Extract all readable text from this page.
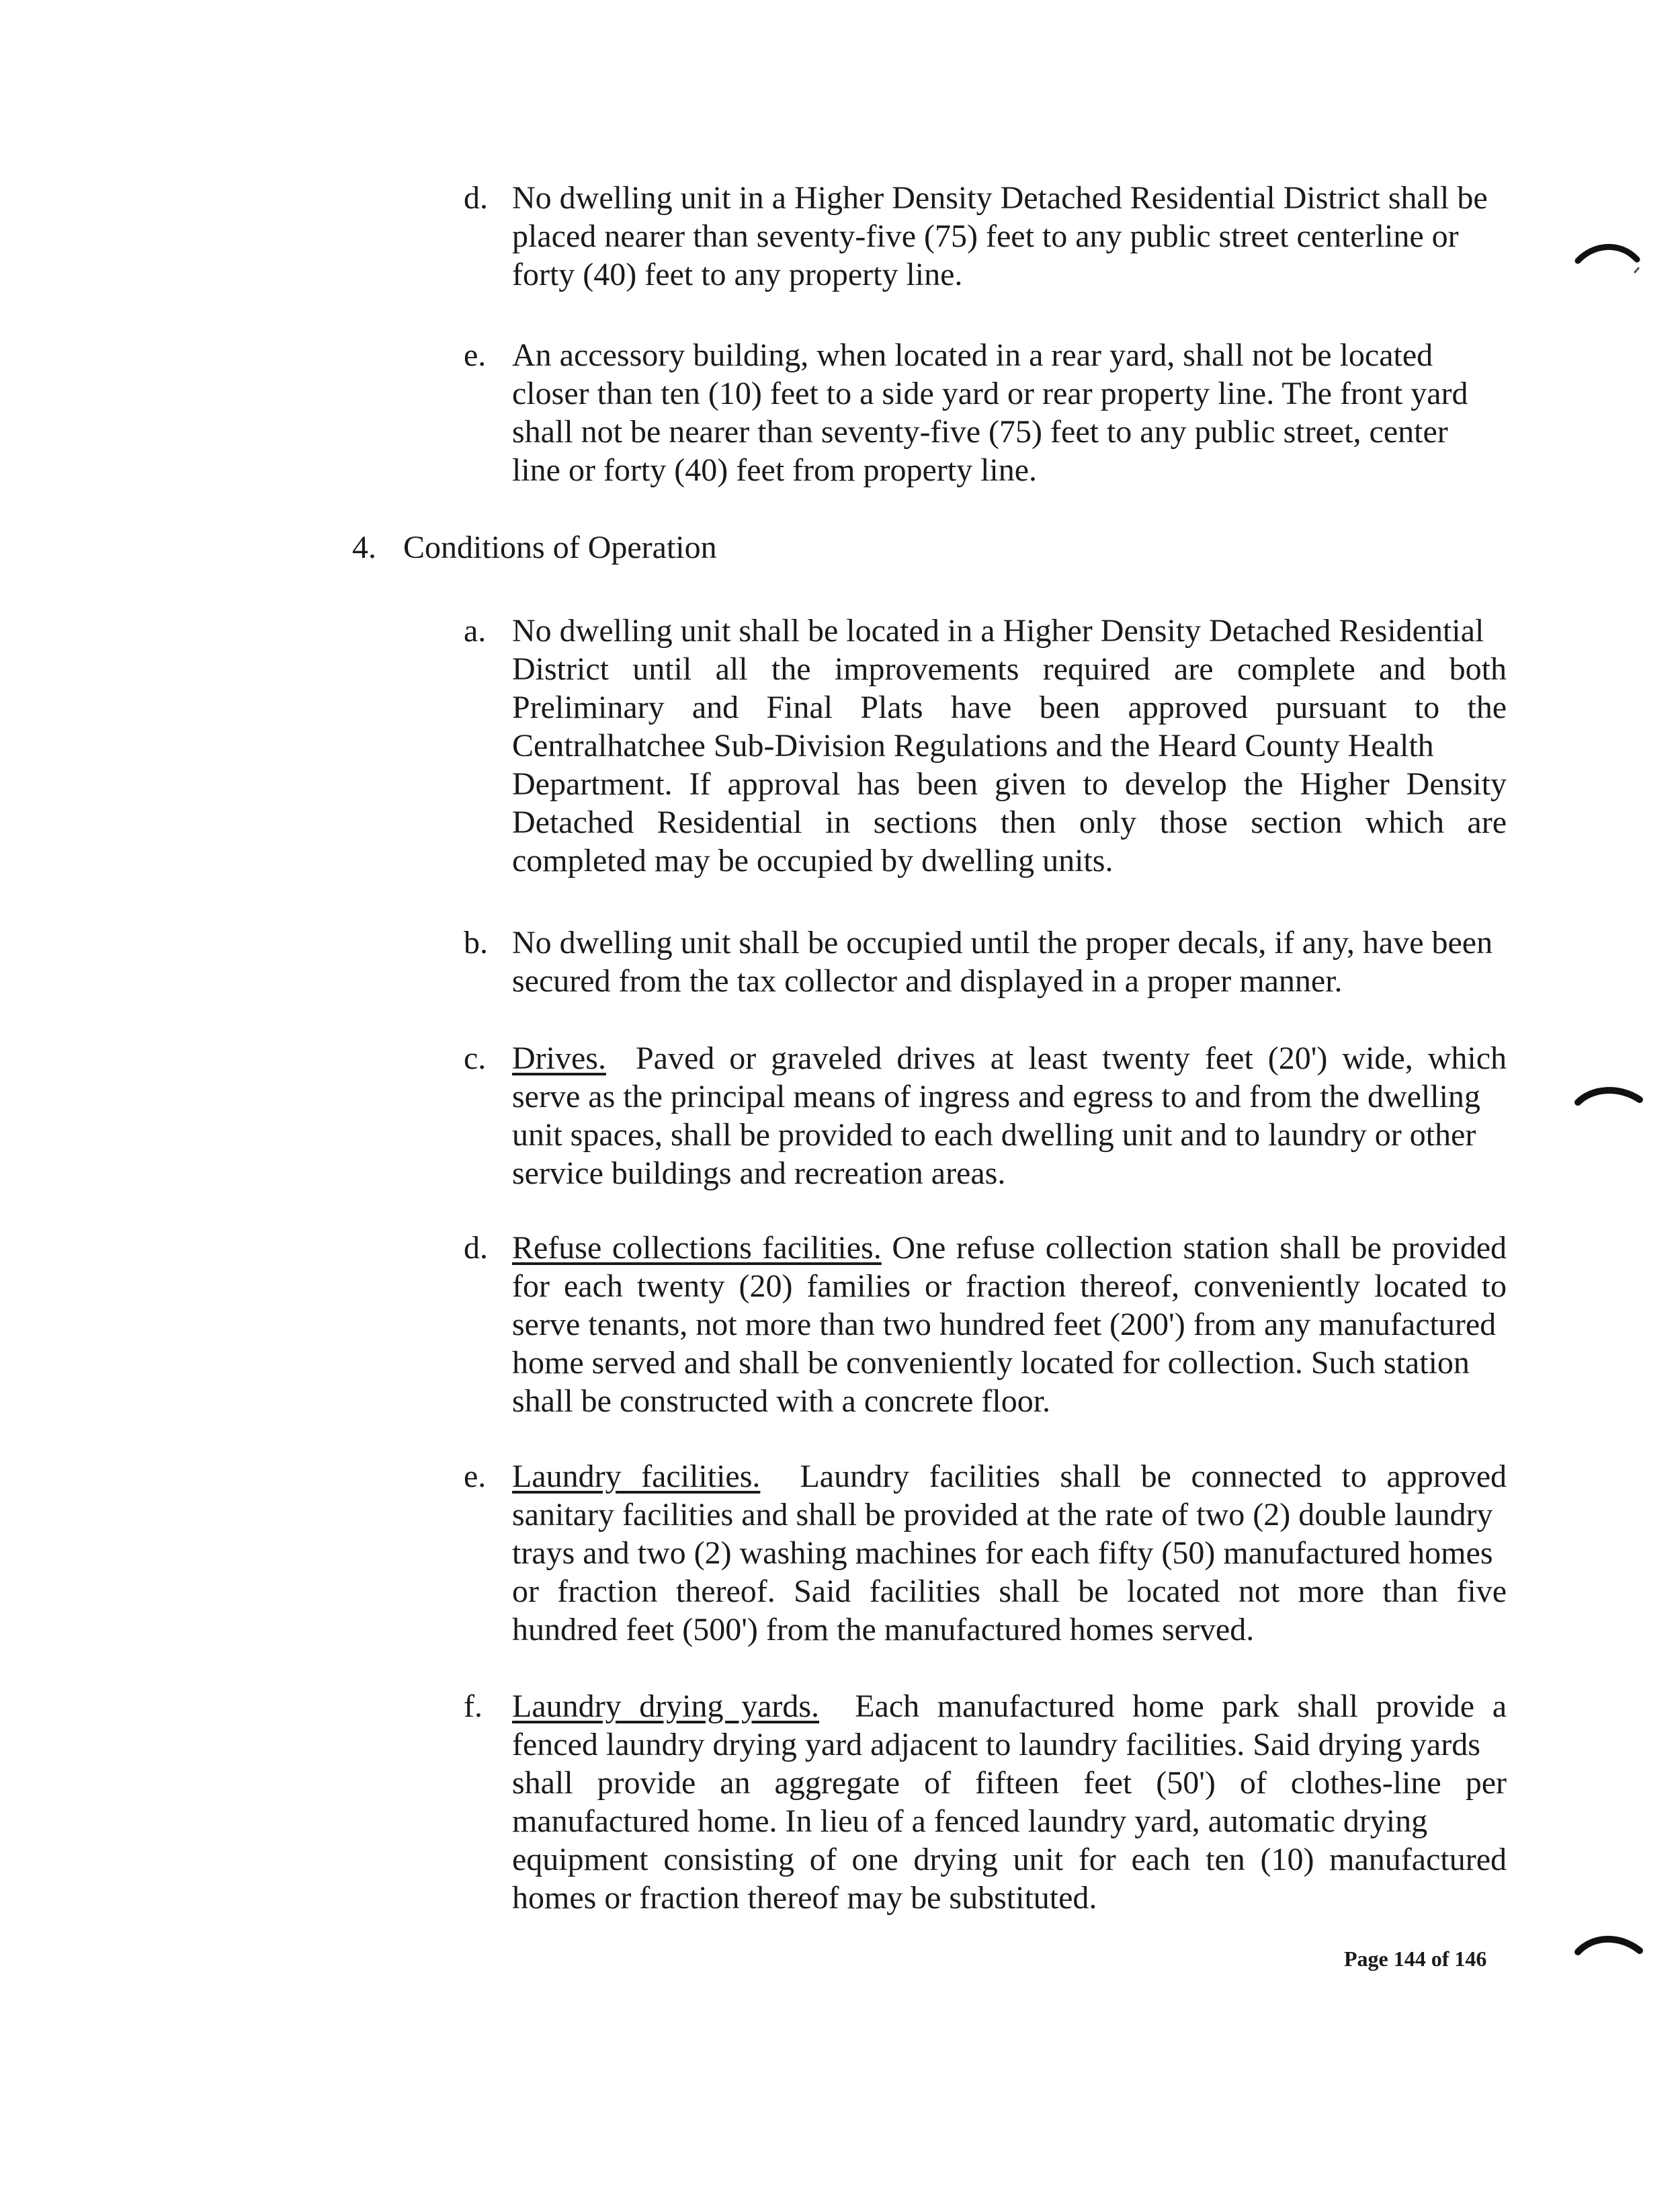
d. No dwelling unit in a Higher Density Detached Residential District shall be
placed nearer than seventy-five (75) feet to any public street centerline or
forty (40) feet to any property line.
e. An accessory building, when located in a rear yard, shall not be located
closer than ten (10) feet to a side yard or rear property line. The front yard
shall not be nearer than seventy-five (75) feet to any public street, center
line or forty (40) feet from property line.
4. Conditions of Operation
a. No dwelling unit shall be located in a Higher Density Detached Residential
District until all the improvements required are complete and both
Preliminary and Final Plats have been approved pursuant to the
Centralhatchee Sub-Division Regulations and the Heard County Health
Department. If approval has been given to develop the Higher Density
Detached Residential in sections then only those section which are
completed may be occupied by dwelling units.
b. No dwelling unit shall be occupied until the proper decals, if any, have been
secured from the tax collector and displayed in a proper manner.
c. Drives. Paved or graveled drives at least twenty feet (20') wide, which
serve as the principal means of ingress and egress to and from the dwelling
unit spaces, shall be provided to each dwelling unit and to laundry or other
service buildings and recreation areas.
d. Refuse collections facilities. One refuse collection station shall be provided
for each twenty (20) families or fraction thereof, conveniently located to
serve tenants, not more than two hundred feet (200') from any manufactured
home served and shall be conveniently located for collection. Such station
shall be constructed with a concrete floor.
e. Laundry facilities. Laundry facilities shall be connected to approved
sanitary facilities and shall be provided at the rate of two (2) double laundry
trays and two (2) washing machines for each fifty (50) manufactured homes
or fraction thereof. Said facilities shall be located not more than five
hundred feet (500') from the manufactured homes served.
f. Laundry drying yards. Each manufactured home park shall provide a
fenced laundry drying yard adjacent to laundry facilities. Said drying yards
shall provide an aggregate of fifteen feet (50') of clothes-line per
manufactured home. In lieu of a fenced laundry yard, automatic drying
equipment consisting of one drying unit for each ten (10) manufactured
homes or fraction thereof may be substituted.
Page 144 of 146
